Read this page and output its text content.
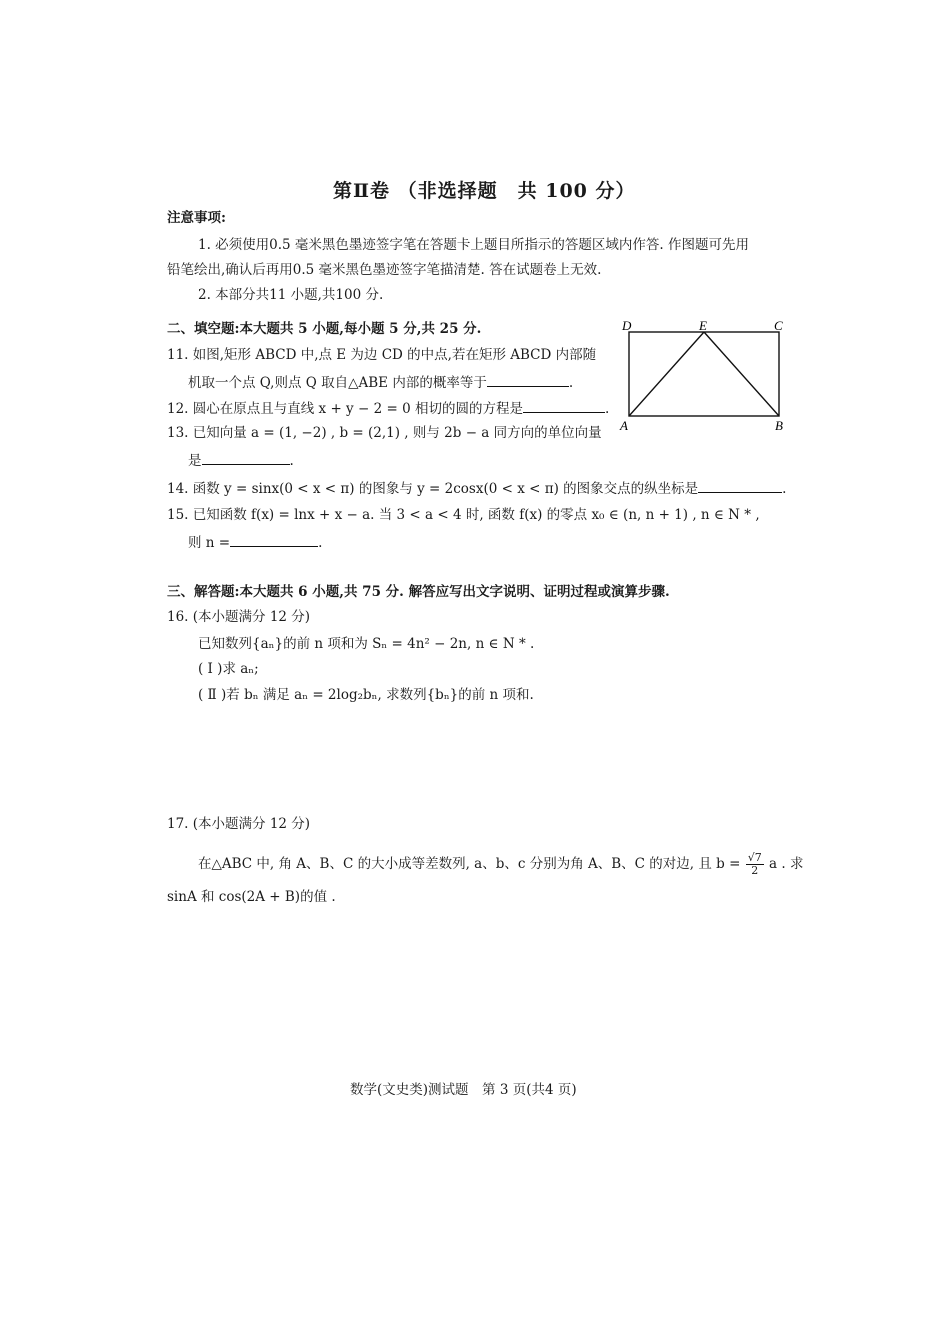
第Ⅱ卷 （非选择题　共 100 分）
注意事项:
1. 必须使用0.5 毫米黑色墨迹签字笔在答题卡上题目所指示的答题区域内作答. 作图题可先用
铅笔绘出,确认后再用0.5 毫米黑色墨迹签字笔描清楚. 答在试题卷上无效.
2. 本部分共11 小题,共100 分.
二、填空题:本大题共 5 小题,每小题 5 分,共 25 分.
11. 如图,矩形 ABCD 中,点 E 为边 CD 的中点,若在矩形 ABCD 内部随
机取一个点 Q,则点 Q 取自△ABE 内部的概率等于	.
12. 圆心在原点且与直线 x + y − 2 = 0 相切的圆的方程是	.
13. 已知向量 a = (1, −2) , b = (2,1) , 则与 2b − a 同方向的单位向量
是	.
14. 函数 y = sinx(0 < x < π) 的图象与 y = 2cosx(0 < x < π) 的图象交点的纵坐标是	.
15. 已知函数 f(x) = lnx + x − a. 当 3 < a < 4 时, 函数 f(x) 的零点 x₀ ∈ (n, n + 1) , n ∈ N * ,
则 n =	.
D	E	C
A	B
三、解答题:本大题共 6 小题,共 75 分. 解答应写出文字说明、证明过程或演算步骤.
16. (本小题满分 12 分)
已知数列{aₙ}的前 n 项和为 Sₙ = 4n² − 2n, n ∈ N * .
( Ⅰ )求 aₙ;
( Ⅱ )若 bₙ 满足 aₙ = 2log₂bₙ, 求数列{bₙ}的前 n 项和.
17. (本小题满分 12 分)
在△ABC 中, 角 A、B、C 的大小成等差数列, a、b、c 分别为角 A、B、C 的对边, 且 $b = \frac{√7}{2}$ a . 求
sinA 和 cos(2A + B)的值 .
数学(文史类)测试题　第 3 页(共4 页)
